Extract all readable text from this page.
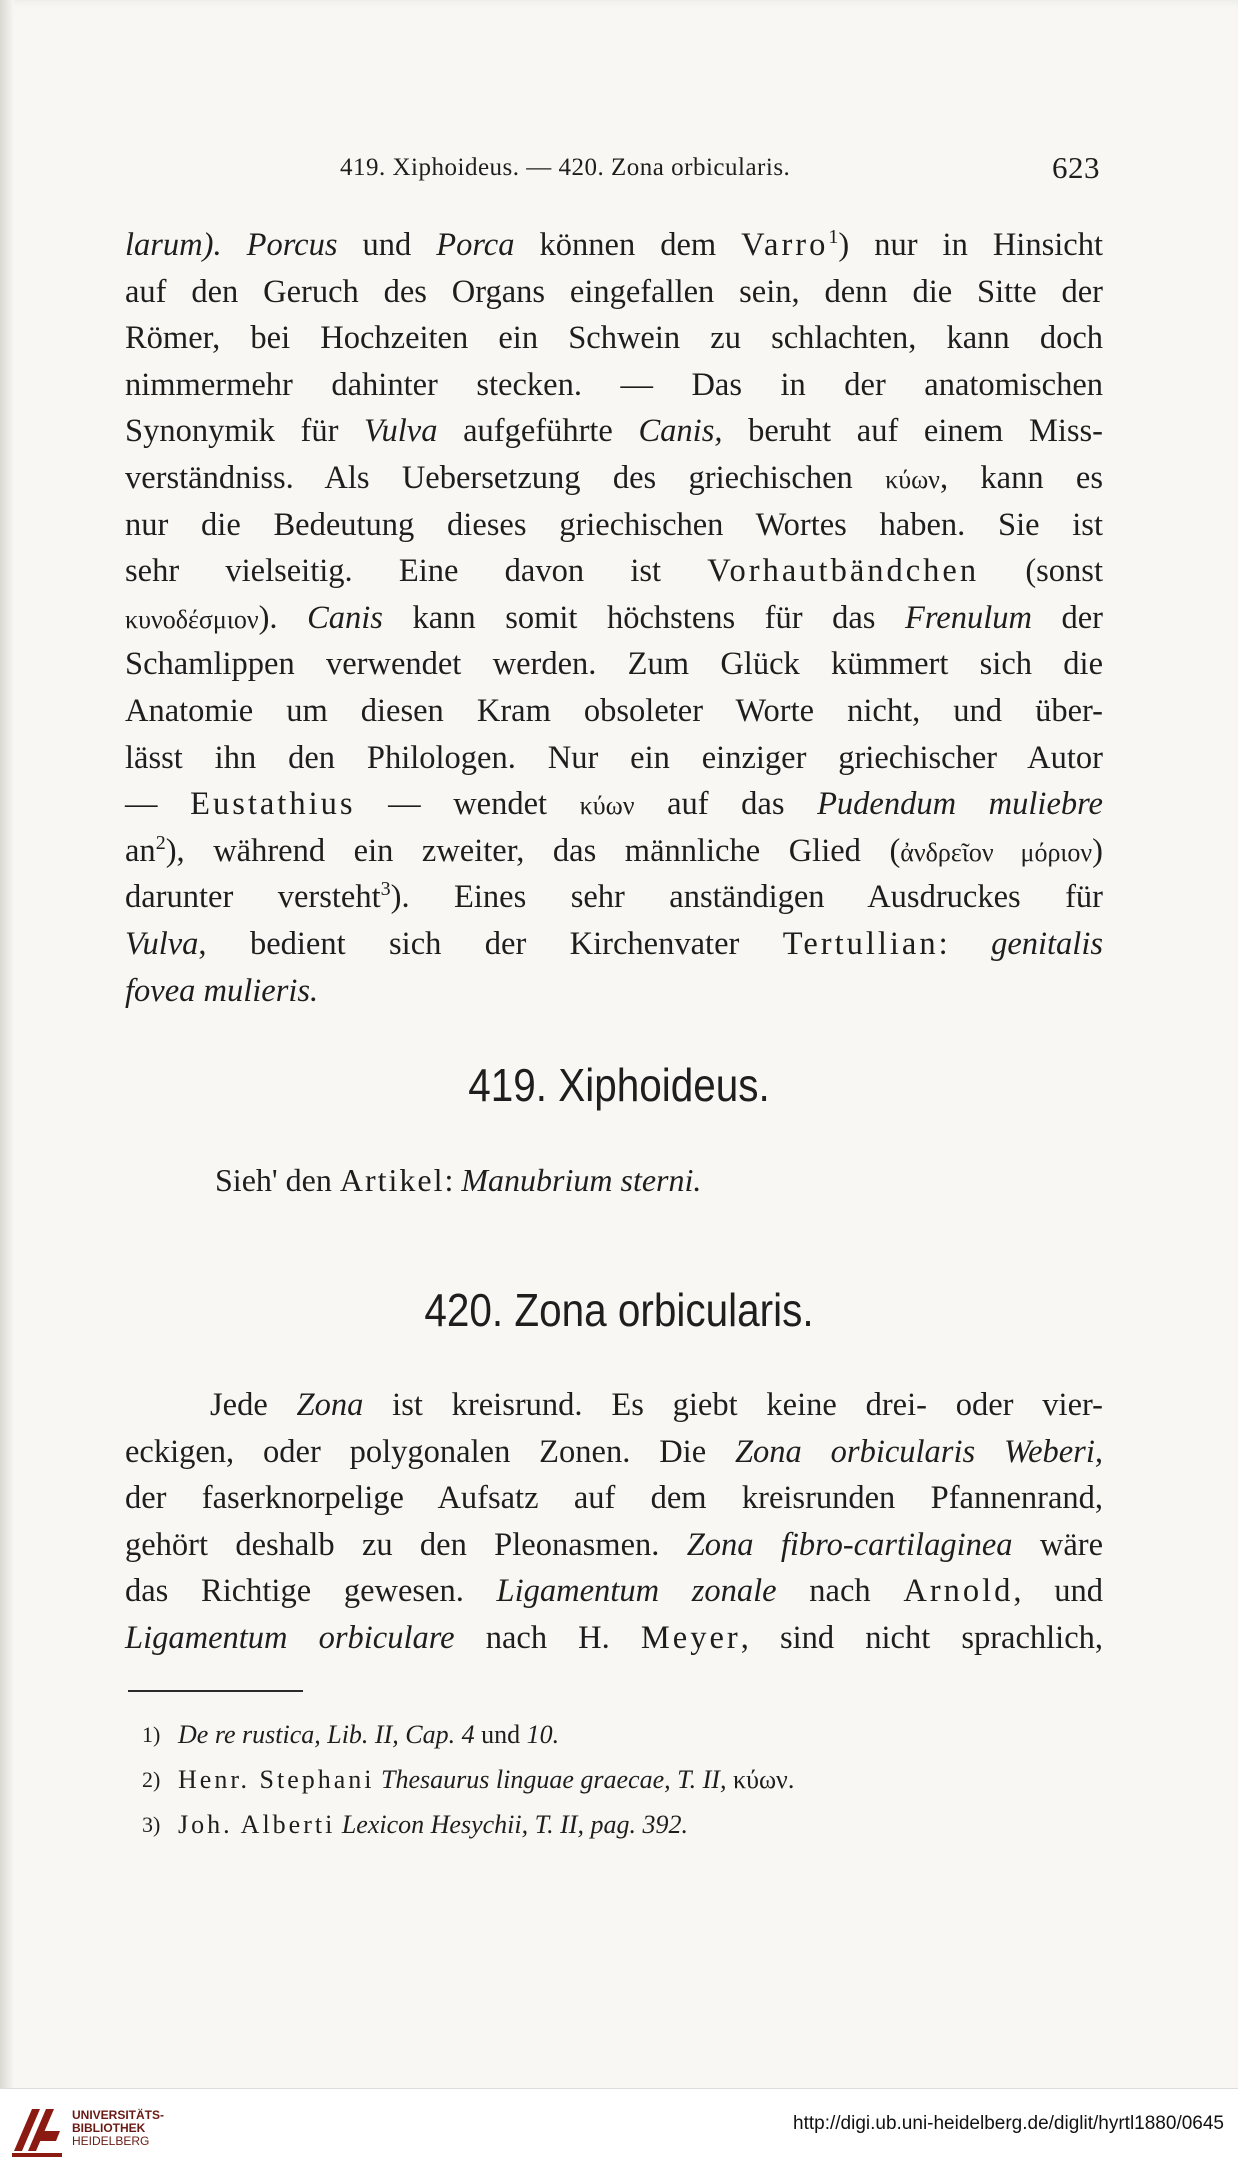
419. Xiphoideus. — 420. Zona orbicularis.	623
larum). Porcus und Porca können dem Varro$^1$) nur in Hinsicht
auf den Geruch des Organs eingefallen sein, denn die Sitte der
Römer, bei Hochzeiten ein Schwein zu schlachten, kann doch
nimmermehr dahinter stecken. — Das in der anatomischen
Synonymik für Vulva aufgeführte Canis, beruht auf einem Miss-
verständniss. Als Uebersetzung des griechischen κύων, kann es
nur die Bedeutung dieses griechischen Wortes haben. Sie ist
sehr vielseitig. Eine davon ist Vorhautbändchen (sonst
κυνοδέσμιον). Canis kann somit höchstens für das Frenulum der
Schamlippen verwendet werden. Zum Glück kümmert sich die
Anatomie um diesen Kram obsoleter Worte nicht, und über-
lässt ihn den Philologen. Nur ein einziger griechischer Autor
— Eustathius — wendet κύων auf das Pudendum muliebre
$an^2$), während ein zweiter, das männliche Glied (ἀνδρεῖον μόριον)
darunter versteht$^3$). Eines sehr anständigen Ausdruckes für
Vulva, bedient sich der Kirchenvater Tertullian: genitalis
fovea mulieris.
419. Xiphoideus.
Sieh' den Artikel: Manubrium sterni.
420. Zona orbicularis.
Jede Zona ist kreisrund. Es giebt keine drei- oder vier-
eckigen, oder polygonalen Zonen. Die Zona orbicularis Weberi,
der faserknorpelige Aufsatz auf dem kreisrunden Pfannenrand,
gehört deshalb zu den Pleonasmen. Zona fibro-cartilaginea wäre
das Richtige gewesen. Ligamentum zonale nach Arnold, und
Ligamentum orbiculare nach H. Meyer, sind nicht sprachlich,
1) De re rustica, Lib. II, Cap. 4 und 10.
2) Henr. Stephani Thesaurus linguae graecae, T. II, κύων.
3) Joh. Alberti Lexicon Hesychii, T. II, pag. 392.
UNIVERSITÄTS-
BIBLIOTHEK
HEIDELBERG
http://digi.ub.uni-heidelberg.de/diglit/hyrtl1880/0645
